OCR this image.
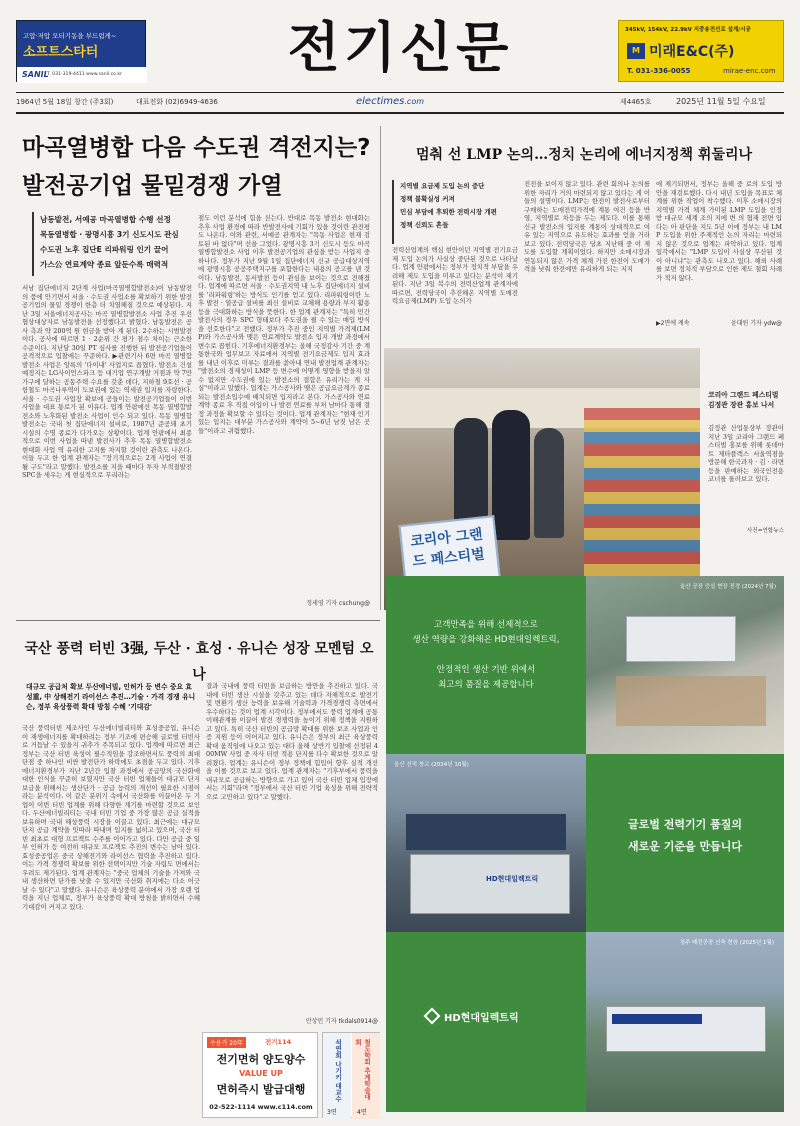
고압·저압 모터기동을 부드럽게~
소프트스타터
SANIL
T. 031-319-4411 www.sanil.co.kr	전기신문	345kV, 154kV, 22.9kV 지중송전선로 설계/시공
M 미래E&C(주)
T. 031-336-0055	mirae-enc.com
1964년 5월 18일 창간 (주3회)	대표전화 (02)6949-4636	electimes.com	제4465호	2025년 11월 5일 수요일
마곡열병합 다음 수도권 격전지는?
발전공기업 물밑경쟁 가열
남동발전, 서예공 마곡열병합 수행 선정
목동열병합 · 광명시흥 3기 신도시도 관심
수도권 노후 집단E 리파워링 인기 끌어
가스公 연료계약 종료 앞둔수록 매력적
서남 집단에너지 2단계 사업(마곡열병합발전소)이 남동발전의 품에 안기면서 서울 · 수도권 사업소를 확보하기 위한 발전공기업의 물밑 경쟁이 한층 더 치열해질 것으로 예상된다. 지난 3일 서울에너지공사는 마곡 열병합발전소 사업 추진 우선협상대상자로 남동발전을 선정했다고 밝혔다. 남동발전은 공사 측과 약 200억 원 현금을 받아 계 된다. 2수하는 시범발전이다. 공사에 따르면 1 · 2순위 간 평가 점수 차이는 근소한 수준이다. 지난달 30일 PT 심사를 진행한 뒤 발전공기업들이 공격적으로 입찰에는 꾸준하다. ▶관련기사 6면 마곡 열병합발전소 사업은 앙록의 '다이내' 사업지로 꼽혔다. 발전소 건설 예정지는 LG사이언스파크 등 대기업 연구개발 거점과 약 7만가구에 달하는 공동주택 수요를 갖춘 데다, 지하철 9호선 · 공항철도 마곡나루역이 도보권에 있는 역세권 입지를 자랑한다. 서울 · 수도권 사업장 확보에 공들이는 발전공기업들이 이번 사업을 대표 통로가 된 이유다. 업계 안팎에선 목동 열병합발전소와 노후화된 발전소 사업이 인수 되고 있다. 목동 열병합발전소는 국내 첫 집단에너지 설비로, 1987년 준공돼 초기 시설의 수명 종료가 다가오는 상황이다. 업계 안팎에서 최종적으로 이번 사업을 따낸 발전사가 추후 목동 열병합발전소 현대화 사업 역 유리한 고지를 차지할 것이란 관측도 나온다. 이들 두고 한 업계 관계자는 "장기적으로는 2개 사업이 연결될 구도"라고 말했다. 발전소를 지을 때마다 투자 부적절발전SPC을 세우는 게 현실적으로 무리라는
점도 이런 분석에 힘을 싣는다. 반대로 목동 발전소 현대화는 추후 사업 환경에 따라 반발전사에 기회가 있을 것이란 관전평도 나온다. 이와 관련, 서예공 관계자는 "목동 사업은 현재 검토된 바 없다"며 선을 그었다. 광명시흥 3기 신도시 등도 마곡 열병합발전소 사업 이후 발전공기업의 관심을 받는 사업지 중 하나다. 정부가 지난 9월 1일 집단에너지 신규 공급대상지역에 광명시흥 공공주택지구를 포함한다는 내용의 공고를 낸 것이다. 남동발전, 동서발전 등이 관심을 보이는 것으로 전해졌다. 업계에 따르면 서울 · 수도권지역 내 노후 집단에너지 설비를 '리파워링'하는 방식도 인기를 얻고 있다. 리파워링이란 노후 발전 · 열공급 설비를 최신 설비로 교체해 용량과 부지 활용 등을 극대화하는 방식을 뜻한다. 한 업계 관계자는 "특히 민간 발전사의 경우 SPC 형태보다 주도권을 쥘 수 있는 매입 방식을 선호한다"고 전했다. 정부가 추진 중인 지역별 가격제(LMP)와 가스공사와 맺은 연료계약도 발전소 입지 개발 과정에서 변수로 꼽힌다. 기후에너지환경부는 올해 국정감사 기간 중 계통한국와 업무보고 자료에서 지역별 전기요금제도 입지 효과를 내년 이후로 미루는 결과를 쏟아내 연내 발전업계 관계자는 "발전소의 경제성이 LMP 등 변수에 어떻게 영향을 받을지 알 수 없지만 수도권에 있는 발전소의 결합은 유리가는 게 사실"이라고 말했다. 업계는 가스공사와 맺은 공급요금계가 종료되는 발전소입수에 배치되면 입지라고 본다. 가스공사와 연료계약 종료 후 직접 이입이 나 발전 연료를 부처 남마다 통해 결정 과정을 확보할 수 있다는 것이다. 업계 관계자는 "현재 인기 있는 입지는 대부분 가스공사와 계약이 5~6년 남짓 남은 곳들"이라고 귀띔했다.
정세영 기자 cschung@
멈춰 선 LMP 논의…정치 논리에 에너지정책 휘둘리나
지역별 요금제 도입 논의 중단
정책 불확실성 커져
민심 부담에 후퇴한 전력시장 개편
정책 신뢰도 흔들
전력산업계의 핵심 현안이던 지역별 전기요금제 도입 논의가 사실상 중단된 것으로 나타났다. 업계 안팎에서는 정부가 정치적 부담을 우려해 제도 도입을 미루고 있다는 분석이 제기된다. 지난 3일 복수의 전력산업계 관계자에 따르면, 전력당국이 추진해온 지역별 도매전력요금제(LMP) 도입 논의가
진전을 보이지 않고 있다. 관련 회의나 논의를 위한 자리가 거의 마련되지 않고 있다는 게 이들의 설명이다. LMP는 한전이 발전사로부터 구매하는 도매전력가격에 계통 여건 등을 반영, 지역별로 차등을 두는 제도다. 이를 통해 신규 발전소의 입지를 계통이 상대적으로 여유 있는 지역으로 유도하는 효과를 얻을 거라 보고 있다. 전력당국은 당초 지난해 중 이 제도를 도입할 계획이었다. 하지만 소매시장과 연동되지 않은 가격 체계 가진 한전이 도매가격을 낮춰 한전에만 유리하게 되는 지지
에 제기되면서, 정부는 올해 중 로의 도입 방안을 재검토했다. 다시 내년 도입을 목표로 체계를 위한 작업이 착수했다. 이후 소매시장의 지역별 가격 체계 가미된 LMP 도입을 인정받 대규모 세계 조의 지에 변 의 협재 전면 입다는 아 판단을 지도 5년 이에 정부는 내 LMP 도입을 위한 주제적인 논의 자리는 마련되지 않은 것으로 업계는 파악하고 있다. 업계 일각에서는 "LMP 도입이 사실상 무산된 것이 아니냐"는 관측도 나오고 있다. 해외 사례를 보면 정치적 부담으로 인한 제도 철회 사례가 적지 않다.
▶2면에 계속	윤대원 기자 ydw@
코리아 그랜드 페스티벌
코리아 그랜드 페스티벌 김정관 장관 홍보 나서
김정관 산업통상부 장관이 지난 3일 코리아 그랜드 페스티벌 홍보를 위해 롯데마트 제타플렉스 서울역점을 방문해 한국과자 · 김 · 라면 등을 판매하는 외국인전용코너를 둘러보고 있다.
사진=연합뉴스
국산 풍력 터빈 3强, 두산 · 효성 · 유니슨 성장 모멘텀 오나
대규모 공급처 확보 두산에너빌, 인허가 등 변수 중요 효성重, 中 상해전기 라이선스 추진…기술 · 가격 경쟁 유니슨, 정부 육상풍력 확대 방침 수혜 '기대감'
국산 풍력터빈 제조사인 두산에너빌리티와 효성중공업, 유니슨이 재생에너지를 확대하려는 정부 기조에 편승해 글로벌 터빈사로 거듭날 수 있을지 귀추가 주목되고 있다. 업계에 따르면 최근 정부는 국산 터빈 육성이 필수적임을 강조하면서도 풍력의 최대 단점 중 하나인 비싼 발전단가 하락에도 초점을 두고 있다. 기후에너지환경부가 지난 2년간 입찰 과정에서 공급망의 국산화에 대한 인식을 꾸준히 보였지만 국산 터빈 업체들이 대규모 단지 보급을 위해서는 생산단가 · 공급 능력의 개선이 필요한 시점이라는 분석이다. 이 같은 분위기 속에서 국산화를 이끌어온 두 기업이 이번 터빈 업계를 위해 다양한 계기를 마련할 것으로 보인다. 두산에너빌리티는 국내 터빈 기업 중 가장 많은 공급 실적을 보유하며 국내 해상풍력 시장을 이끌고 있다. 최근에는 대규모 단지 공급 계약을 잇따라 따내며 입지를 넓히고 있으며, 국산 터빈 최초로 대형 프로젝트 수주를 이어가고 있다. 다만 공급 중 일부 인허가 등 여전히 대규모 프로젝트 추진의 변수는 남아 있다. 효성중공업은 중국 상해전기와 라이선스 협력을 추진하고 있다. 이는 가격 경쟁력 확보를 위한 선택이지만 기술 자립도 면에서는 우려도 제기된다. 업계 관계자는 "중국 업체의 기술을 가져와 국내 생산하면 단가를 낮출 수 있지만 국산화 취지에는 다소 어긋날 수 있다"고 말했다. 유니슨은 육상풍력 분야에서 가장 오랜 업력을 지닌 업체로, 정부가 육상풍력 확대 방침을 밝히면서 수혜 기대감이 커지고 있다.
결과 국내에 풍력 터빈을 보급하는 방안을 추진하고 있다. 국내에 터빈 생산 시설을 갖추고 있는 데다 자체적으로 발전기 및 변환기 생산 능력을 보유해 기술력과 가격경쟁력 측면에서 우수하다는 것이 업계 시각이다. 정부에서도 풍력 업계에 공통 이해관계를 이끌어 발전 경쟁력을 높이기 위해 정책을 지원하고 있다. 특히 국산 터빈의 공급망 확대를 위한 보조 사업과 인증 지원 등이 이어지고 있다. 유니슨은 정부의 최근 육상풍력 확대 움직임에 나오고 있는 대다 올해 상반기 입찰에 선정된 400MW 사업 중 자사 터빈 적용 단지를 다수 확보한 것으로 알려졌다. 업계는 유니슨이 정부 정책에 힘입어 향후 실적 개선을 이룰 것으로 보고 있다. 업계 관계자는 "기후부에서 풍력을 대규모로 공급하는 방향으로 가고 있어 국산 터빈 업체 입장에서는 기회"라며 "정부에서 국산 터빈 기업 육성을 위해 전략적으로 고민하고 있다"고 말했다.
안상민 기자 tkdals0914@
수용가 20年	전기114
전기면허 양도양수
VALUE UP
면허즉시 발급대행
02-522-1114 www.c114.com
석연희 나기키 대교수	철도학회 추계학술대회
3면	4면
고객만족을 위해 선제적으로
생산 역량을 강화해온 HD현대일렉트릭,
안정적인 생산 기반 위에서
최고의 품질을 제공합니다
울산 공장 증설 현장 전경 (2024년 7월)
HD현대일렉트릭
울산 선적 창고 (2024년 10월)
글로벌 전력기기 품질의
새로운 기준을 만듭니다
HD현대일렉트릭
청주 배전공장 신축 현장 (2025년 1월)
